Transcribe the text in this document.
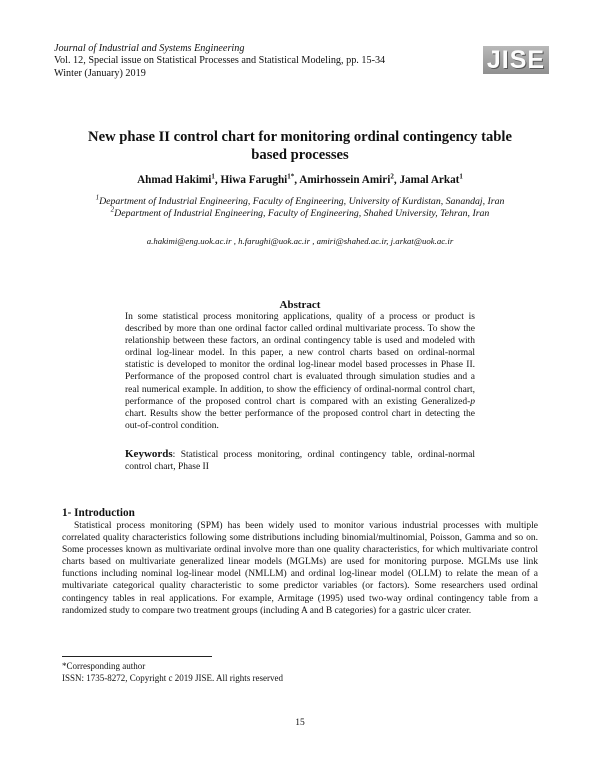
Journal of Industrial and Systems Engineering
Vol. 12, Special issue on Statistical Processes and Statistical Modeling, pp. 15-34
Winter (January) 2019	JISE
New phase II control chart for monitoring ordinal contingency table
based processes
Ahmad Hakimi$^1$, Hiwa Farughi$^{1*}$, Amirhossein Amiri$^2$, Jamal Arkat$^1$
$^1$Department of Industrial Engineering, Faculty of Engineering, University of Kurdistan, Sanandaj, Iran
$^2$Department of Industrial Engineering, Faculty of Engineering, Shahed University, Tehran, Iran
a.hakimi@eng.uok.ac.ir , h.farughi@uok.ac.ir , amiri@shahed.ac.ir, j.arkat@uok.ac.ir
Abstract
In some statistical process monitoring applications, quality of a process or product is described by more than one ordinal factor called ordinal multivariate process. To show the relationship between these factors, an ordinal contingency table is used and modeled with ordinal log-linear model. In this paper, a new control charts based on ordinal-normal statistic is developed to monitor the ordinal log-linear model based processes in Phase II. Performance of the proposed control chart is evaluated through simulation studies and a real numerical example. In addition, to show the efficiency of ordinal-normal control chart, performance of the proposed control chart is compared with an existing Generalized-p chart. Results show the better performance of the proposed control chart in detecting the out-of-control condition.
Keywords: Statistical process monitoring, ordinal contingency table, ordinal-normal control chart, Phase II
1- Introduction
Statistical process monitoring (SPM) has been widely used to monitor various industrial processes with multiple correlated quality characteristics following some distributions including binomial/multinomial, Poisson, Gamma and so on. Some processes known as multivariate ordinal involve more than one quality characteristics, for which multivariate control charts based on multivariate generalized linear models (MGLMs) are used for monitoring purpose. MGLMs use link functions including nominal log-linear model (NMLLM) and ordinal log-linear model (OLLM) to relate the mean of a multivariate categorical quality characteristic to some predictor variables (or factors). Some researchers used ordinal contingency tables in real applications. For example, Armitage (1995) used two-way ordinal contingency table from a randomized study to compare two treatment groups (including A and B categories) for a gastric ulcer crater.
*Corresponding author
ISSN: 1735-8272, Copyright c 2019 JISE. All rights reserved
15
